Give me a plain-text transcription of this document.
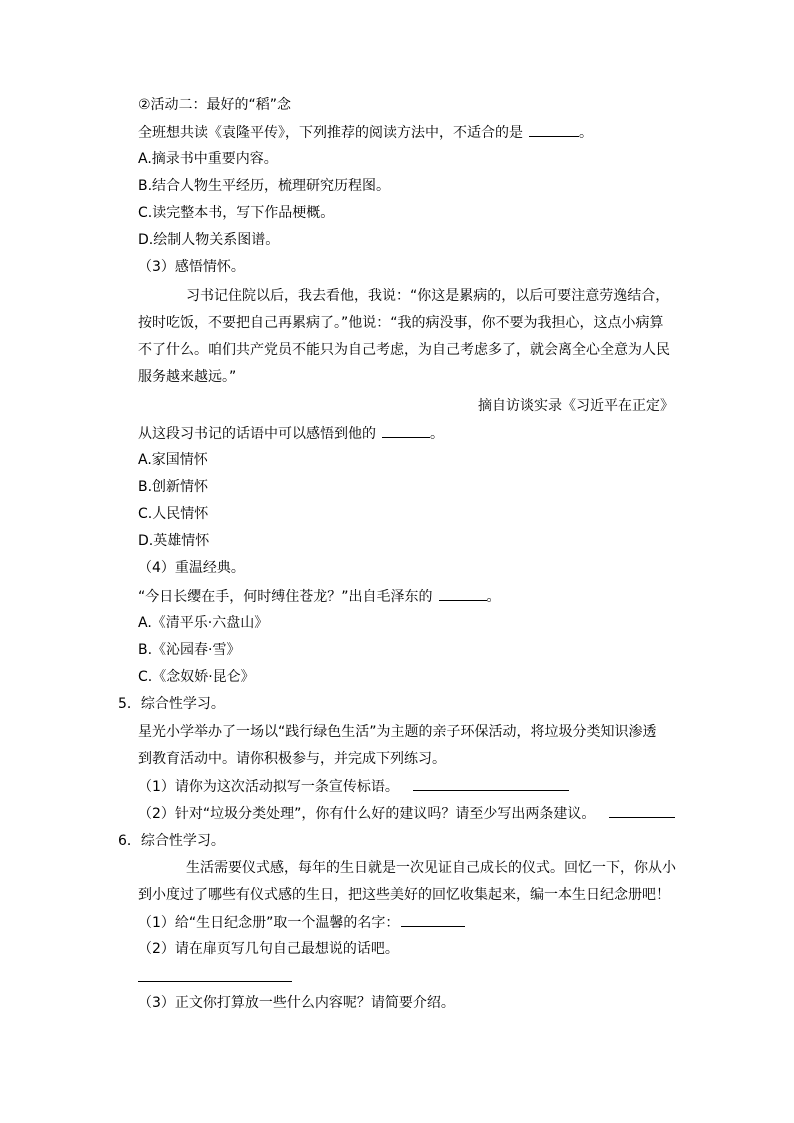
②活动二：最好的“稻”念
全班想共读《袁隆平传》，下列推荐的阅读方法中，不适合的是	。
A.摘录书中重要内容。
B.结合人物生平经历，梳理研究历程图。
C.读完整本书，写下作品梗概。
D.绘制人物关系图谱。
（3）感悟情怀。
习书记住院以后，我去看他，我说：“你这是累病的，以后可要注意劳逸结合，
按时吃饭，不要把自己再累病了。”他说：“我的病没事，你不要为我担心，这点小病算
不了什么。咱们共产党员不能只为自己考虑，为自己考虑多了，就会离全心全意为人民
服务越来越远。”
摘自访谈实录《习近平在正定》
从这段习书记的话语中可以感悟到他的	。
A.家国情怀
B.创新情怀
C.人民情怀
D.英雄情怀
（4）重温经典。
“今日长缨在手，何时缚住苍龙？”出自毛泽东的	。
A.《清平乐·六盘山》
B.《沁园春·雪》
C.《念奴娇·昆仑》
5．综合性学习。
星光小学举办了一场以“践行绿色生活”为主题的亲子环保活动，将垃圾分类知识渗透
到教育活动中。请你积极参与，并完成下列练习。
（1）请你为这次活动拟写一条宣传标语。
（2）针对“垃圾分类处理”，你有什么好的建议吗？请至少写出两条建议。
6．综合性学习。
生活需要仪式感，每年的生日就是一次见证自己成长的仪式。回忆一下，你从小
到小度过了哪些有仪式感的生日，把这些美好的回忆收集起来，编一本生日纪念册吧！
（1）给“生日纪念册”取一个温馨的名字：
（2）请在扉页写几句自己最想说的话吧。
（3）正文你打算放一些什么内容呢？请简要介绍。
